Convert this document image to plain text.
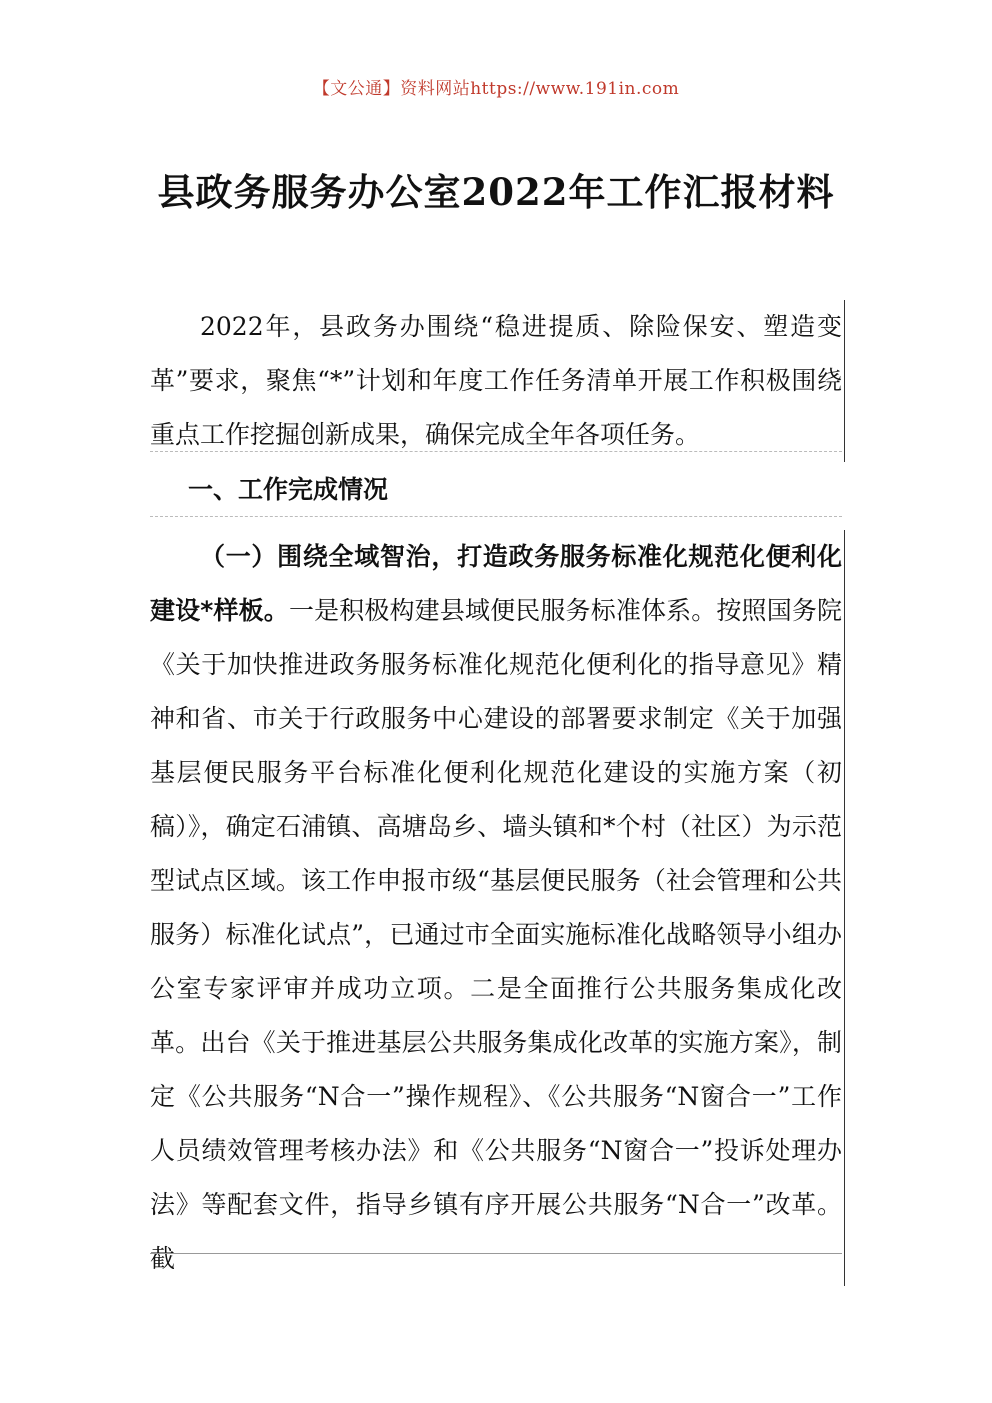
【文公通】资料网站https://www.191in.com
县政务服务办公室2022年工作汇报材料

2022年，县政务办围绕“稳进提质、除险保安、塑造变革”要求，聚焦“*”计划和年度工作任务清单开展工作积极围绕重点工作挖掘创新成果，确保完成全年各项任务。

一、工作完成情况

（一）围绕全域智治，打造政务服务标准化规范化便利化建设*样板。一是积极构建县域便民服务标准体系。按照国务院《关于加快推进政务服务标准化规范化便利化的指导意见》精神和省、市关于行政服务中心建设的部署要求制定《关于加强基层便民服务平台标准化便利化规范化建设的实施方案（初稿）》，确定石浦镇、高塘岛乡、墙头镇和*个村（社区）为示范型试点区域。该工作申报市级“基层便民服务（社会管理和公共服务）标准化试点”，已通过市全面实施标准化战略领导小组办公室专家评审并成功立项。二是全面推行公共服务集成化改革。出台《关于推进基层公共服务集成化改革的实施方案》，制定《公共服务“N合一”操作规程》、《公共服务“N窗合一”工作人员绩效管理考核办法》和《公共服务“N窗合一”投诉处理办法》等配套文件，指导乡镇有序开展公共服务“N合一”改革。截
